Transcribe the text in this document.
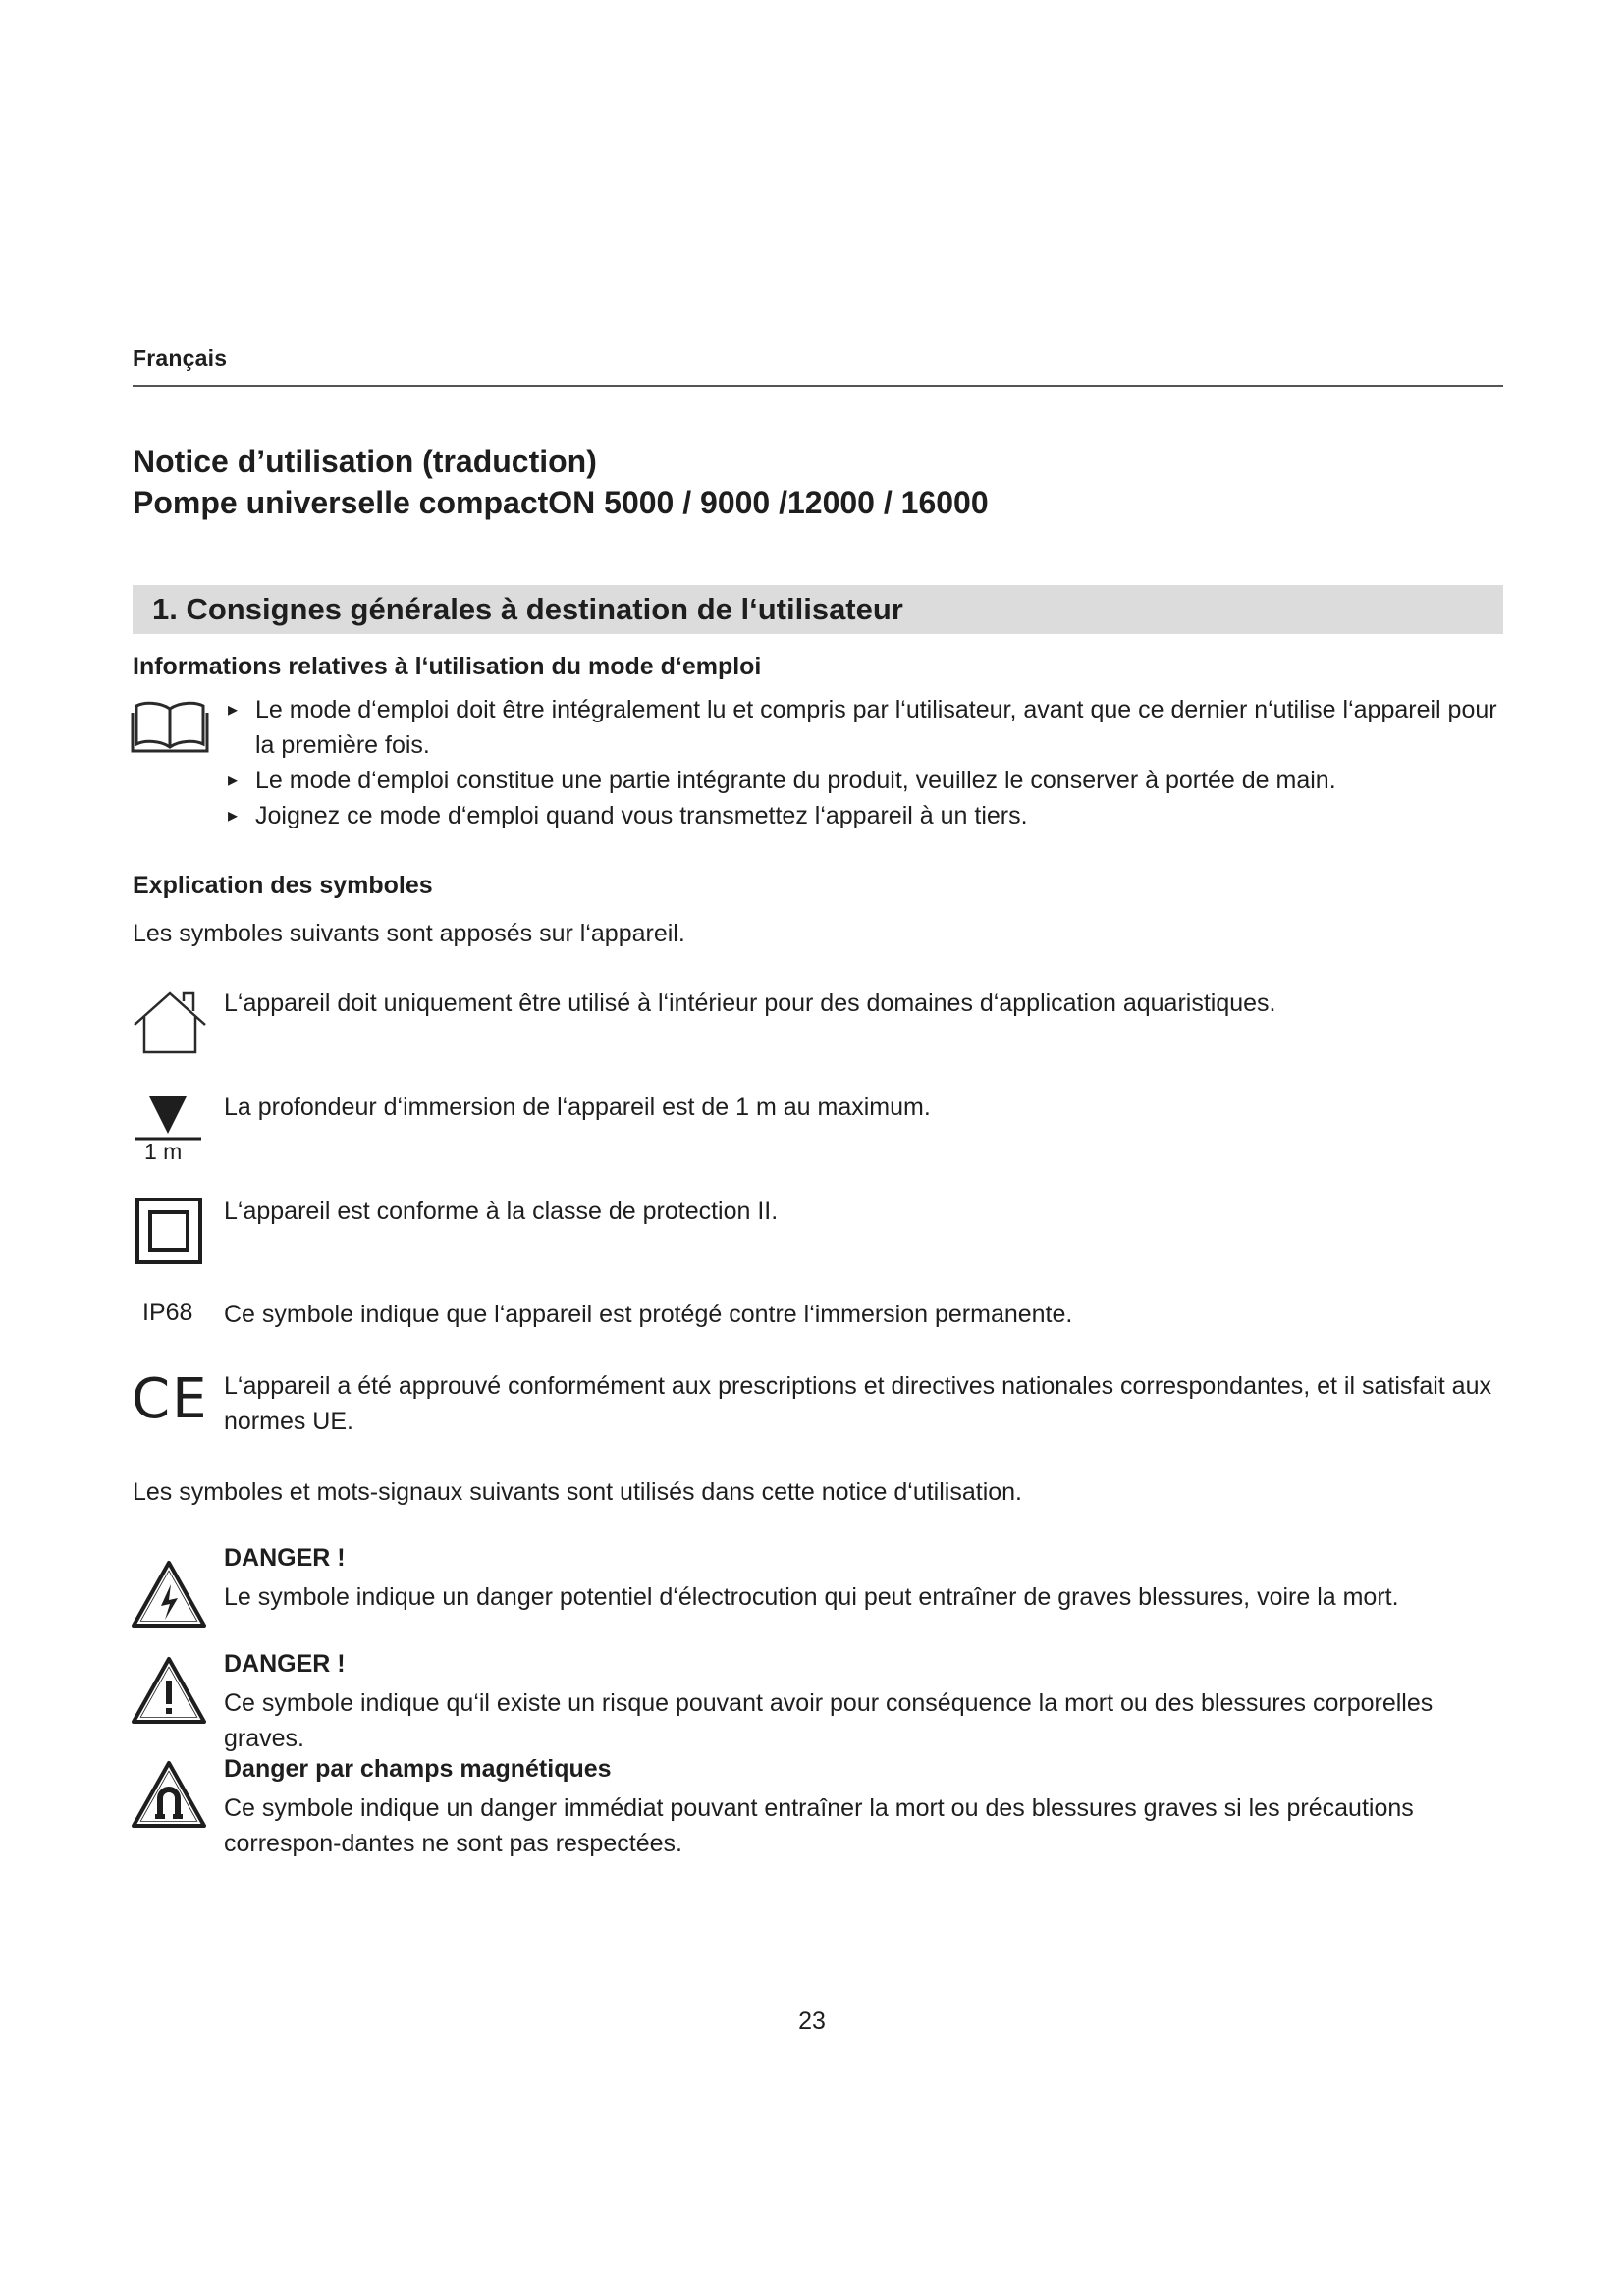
Français
Notice d’utilisation (traduction)
Pompe universelle compactON 5000 / 9000 /12000 / 16000
1. Consignes générales à destination de l‘utilisateur
Informations relatives à l‘utilisation du mode d‘emploi
▸ Le mode d‘emploi doit être intégralement lu et compris par l‘utilisateur, avant que ce dernier n‘utilise l‘appareil pour la première fois.
▸ Le mode d‘emploi constitue une partie intégrante du produit, veuillez le conserver à portée de main.
▸ Joignez ce mode d‘emploi quand vous transmettez l‘appareil à un tiers.
Explication des symboles
Les symboles suivants sont apposés sur l‘appareil.
L‘appareil doit uniquement être utilisé à l‘intérieur pour des domaines d‘application aquaristiques.
1 m
La profondeur d‘immersion de l‘appareil est de 1 m au maximum.
L‘appareil est conforme à la classe de protection II.
IP68 Ce symbole indique que l‘appareil est protégé contre l‘immersion permanente.
CE L‘appareil a été approuvé conformément aux prescriptions et directives nationales correspondantes, et il satisfait aux normes UE.
Les symboles et mots-signaux suivants sont utilisés dans cette notice d‘utilisation.
DANGER !
Le symbole indique un danger potentiel d‘électrocution qui peut entraîner de graves blessures, voire la mort.
DANGER !
Ce symbole indique qu‘il existe un risque pouvant avoir pour conséquence la mort ou des blessures corporelles graves.
Danger par champs magnétiques
Ce symbole indique un danger immédiat pouvant entraîner la mort ou des blessures graves si les précautions correspon-dantes ne sont pas respectées.
23
